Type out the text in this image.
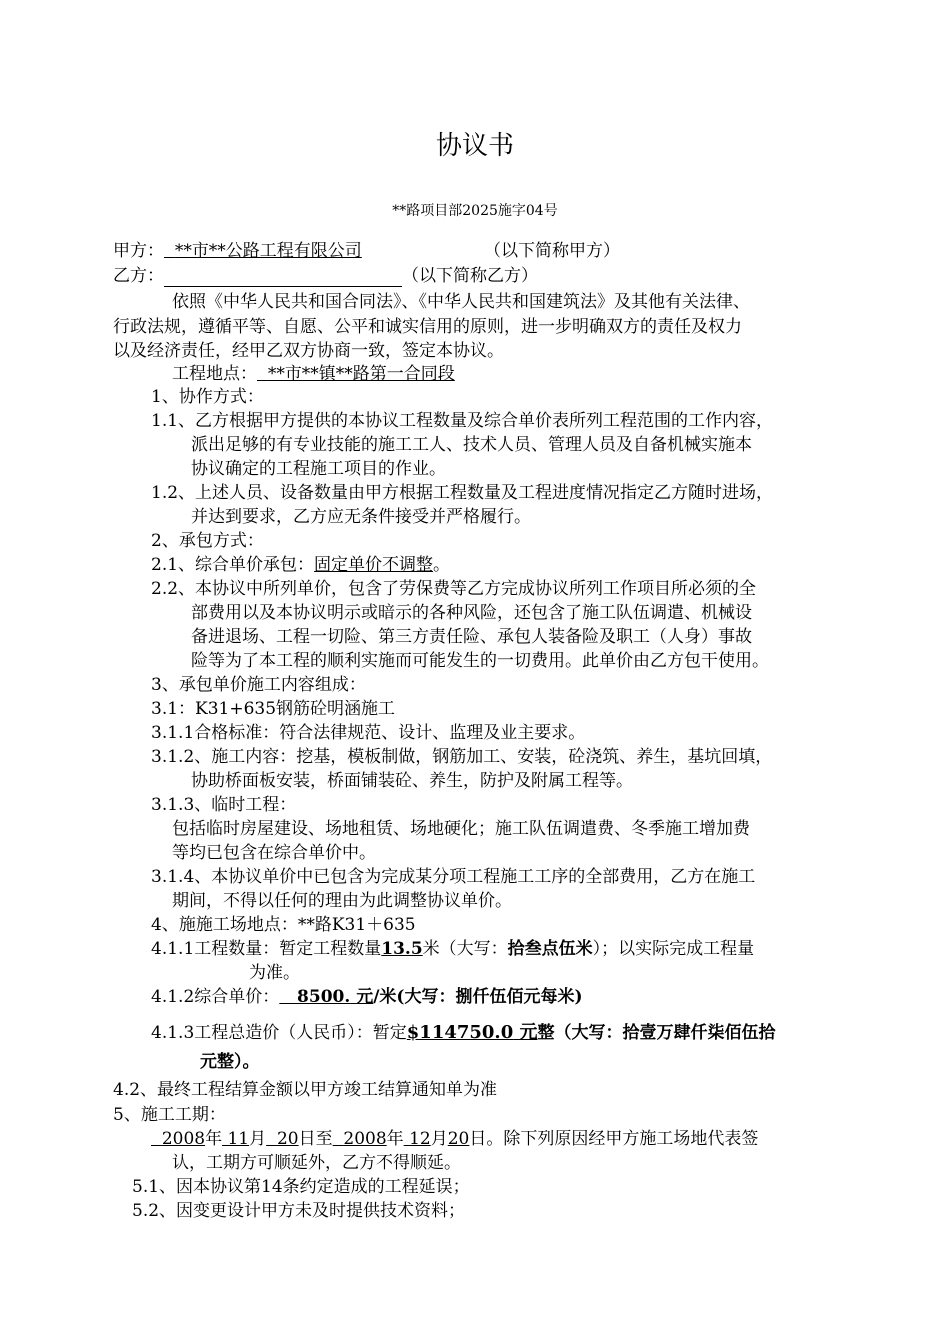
协议书
**路项目部2025施字04号
甲方： **市**公路工程有限公司	（以下简称甲方）
乙方：	（以下简称乙方）
依照《中华人民共和国合同法》、《中华人民共和国建筑法》及其他有关法律、
行政法规，遵循平等、自愿、公平和诚实信用的原则，进一步明确双方的责任及权力
以及经济责任，经甲乙双方协商一致，签定本协议。
工程地点： **市**镇**路第一合同段
1、协作方式：
1.1、乙方根据甲方提供的本协议工程数量及综合单价表所列工程范围的工作内容，
派出足够的有专业技能的施工工人、技术人员、管理人员及自备机械实施本
协议确定的工程施工项目的作业。
1.2、上述人员、设备数量由甲方根据工程数量及工程进度情况指定乙方随时进场，
并达到要求，乙方应无条件接受并严格履行。
2、承包方式：
2.1、综合单价承包：固定单价不调整。
2.2、本协议中所列单价，包含了劳保费等乙方完成协议所列工作项目所必须的全
部费用以及本协议明示或暗示的各种风险，还包含了施工队伍调遣、机械设
备进退场、工程一切险、第三方责任险、承包人装备险及职工（人身）事故
险等为了本工程的顺利实施而可能发生的一切费用。此单价由乙方包干使用。
3、承包单价施工内容组成：
3.1：K31+635钢筋砼明涵施工
3.1.1合格标准：符合法律规范、设计、监理及业主要求。
3.1.2、施工内容：挖基，模板制做，钢筋加工、安装，砼浇筑、养生，基坑回填，
协助桥面板安装，桥面铺装砼、养生，防护及附属工程等。
3.1.3、临时工程：
包括临时房屋建设、场地租赁、场地硬化；施工队伍调遣费、冬季施工增加费
等均已包含在综合单价中。
3.1.4、本协议单价中已包含为完成某分项工程施工工序的全部费用，乙方在施工
期间，不得以任何的理由为此调整协议单价。
4、施施工场地点：**路K31＋635
4.1.1工程数量：暂定工程数量13.5米（大写：拾叁点伍米）；以实际完成工程量
为准。
4.1.2综合单价： 8500. 元/米(大写：捌仟伍佰元每米)
4.1.3工程总造价（人民币）：暂定$114750.0 元整（大写：拾壹万肆仟柒佰伍拾
元整）。
4.2、最终工程结算金额以甲方竣工结算通知单为准
5、施工工期：
2008年 11月 20日至 2008年 12月20日。除下列原因经甲方施工场地代表签
认，工期方可顺延外，乙方不得顺延。
5.1、因本协议第14条约定造成的工程延误；
5.2、因变更设计甲方未及时提供技术资料；
